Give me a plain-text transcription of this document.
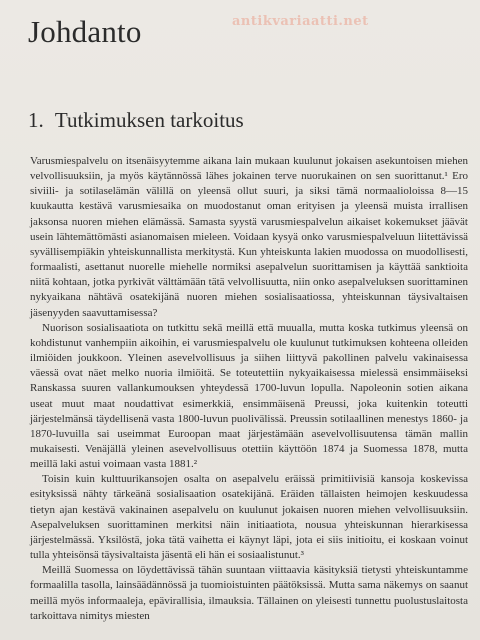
Johdanto	antikvariaatti.net
1. Tutkimuksen tarkoitus

Varusmiespalvelu on itsenäisyytemme aikana lain mukaan kuulunut jokaisen asekuntoisen miehen velvollisuuksiin, ja myös käytännössä lähes jokainen terve nuorukainen on sen suorittanut.¹ Ero siviili- ja sotilaselämän välillä on yleensä ollut suuri, ja siksi tämä normaalioloissa 8—15 kuukautta kestävä varusmiesaika on muodostanut oman erityisen ja yleensä muista irrallisen jaksonsa nuoren miehen elämässä. Samasta syystä varusmiespalvelun aikaiset kokemukset jäävät usein lähtemättömästi asianomaisen mieleen. Voidaan kysyä onko varusmiespalveluun liitettävissä syvällisempiäkin yhteiskunnallista merkitystä. Kun yhteiskunta lakien muodossa on muodollisesti, formaalisti, asettanut nuorelle miehelle normiksi asepalvelun suorittamisen ja käyttää sanktioita niitä kohtaan, jotka pyrkivät välttämään tätä velvollisuutta, niin onko asepalveluksen suorittaminen nykyaikana nähtävä osatekijänä nuoren miehen sosialisaatiossa, yhteiskunnan täysivaltaisen jäsenyyden saavuttamisessa?

Nuorison sosialisaatiota on tutkittu sekä meillä että muualla, mutta koska tutkimus yleensä on kohdistunut vanhempiin aikoihin, ei varusmiespalvelu ole kuulunut tutkimuksen kohteena olleiden ilmiöiden joukkoon. Yleinen asevelvollisuus ja siihen liittyvä pakollinen palvelu vakinaisessa väessä ovat näet melko nuoria ilmiöitä. Se toteutettiin nykyaikaisessa mielessä ensimmäiseksi Ranskassa suuren vallankumouksen yhteydessä 1700-luvun lopulla. Napoleonin sotien aikana useat muut maat noudattivat esimerkkiä, ensimmäisenä Preussi, joka kuitenkin toteutti järjestelmänsä täydellisenä vasta 1800-luvun puolivälissä. Preussin sotilaallinen menestys 1860- ja 1870-luvuilla sai useimmat Euroopan maat järjestämään asevelvollisuutensa tämän mallin mukaisesti. Venäjällä yleinen asevelvollisuus otettiin käyttöön 1874 ja Suomessa 1878, mutta meillä laki astui voimaan vasta 1881.²

Toisin kuin kulttuurikansojen osalta on asepalvelu eräissä primitiivisiä kansoja koskevissa esityksissä nähty tärkeänä sosialisaation osatekijänä. Eräiden tällaisten heimojen keskuudessa tietyn ajan kestävä vakinainen asepalvelu on kuulunut jokaisen nuoren miehen velvollisuuksiin. Asepalveluksen suorittaminen merkitsi näin initiaatiota, nousua yhteiskunnan hierarkisessa järjestelmässä. Yksilöstä, joka tätä vaihetta ei käynyt läpi, jota ei siis initioitu, ei koskaan voinut tulla yhteisönsä täysivaltaista jäsentä eli hän ei sosiaalistunut.³

Meillä Suomessa on löydettävissä tähän suuntaan viittaavia käsityksiä tietysti yhteiskuntamme formaalilla tasolla, lainsäädännössä ja tuomioistuinten päätöksissä. Mutta sama näkemys on saanut meillä myös informaaleja, epävirallisia, ilmauksia. Tällainen on yleisesti tunnettu puolustuslaitosta tarkoittava nimitys miesten
